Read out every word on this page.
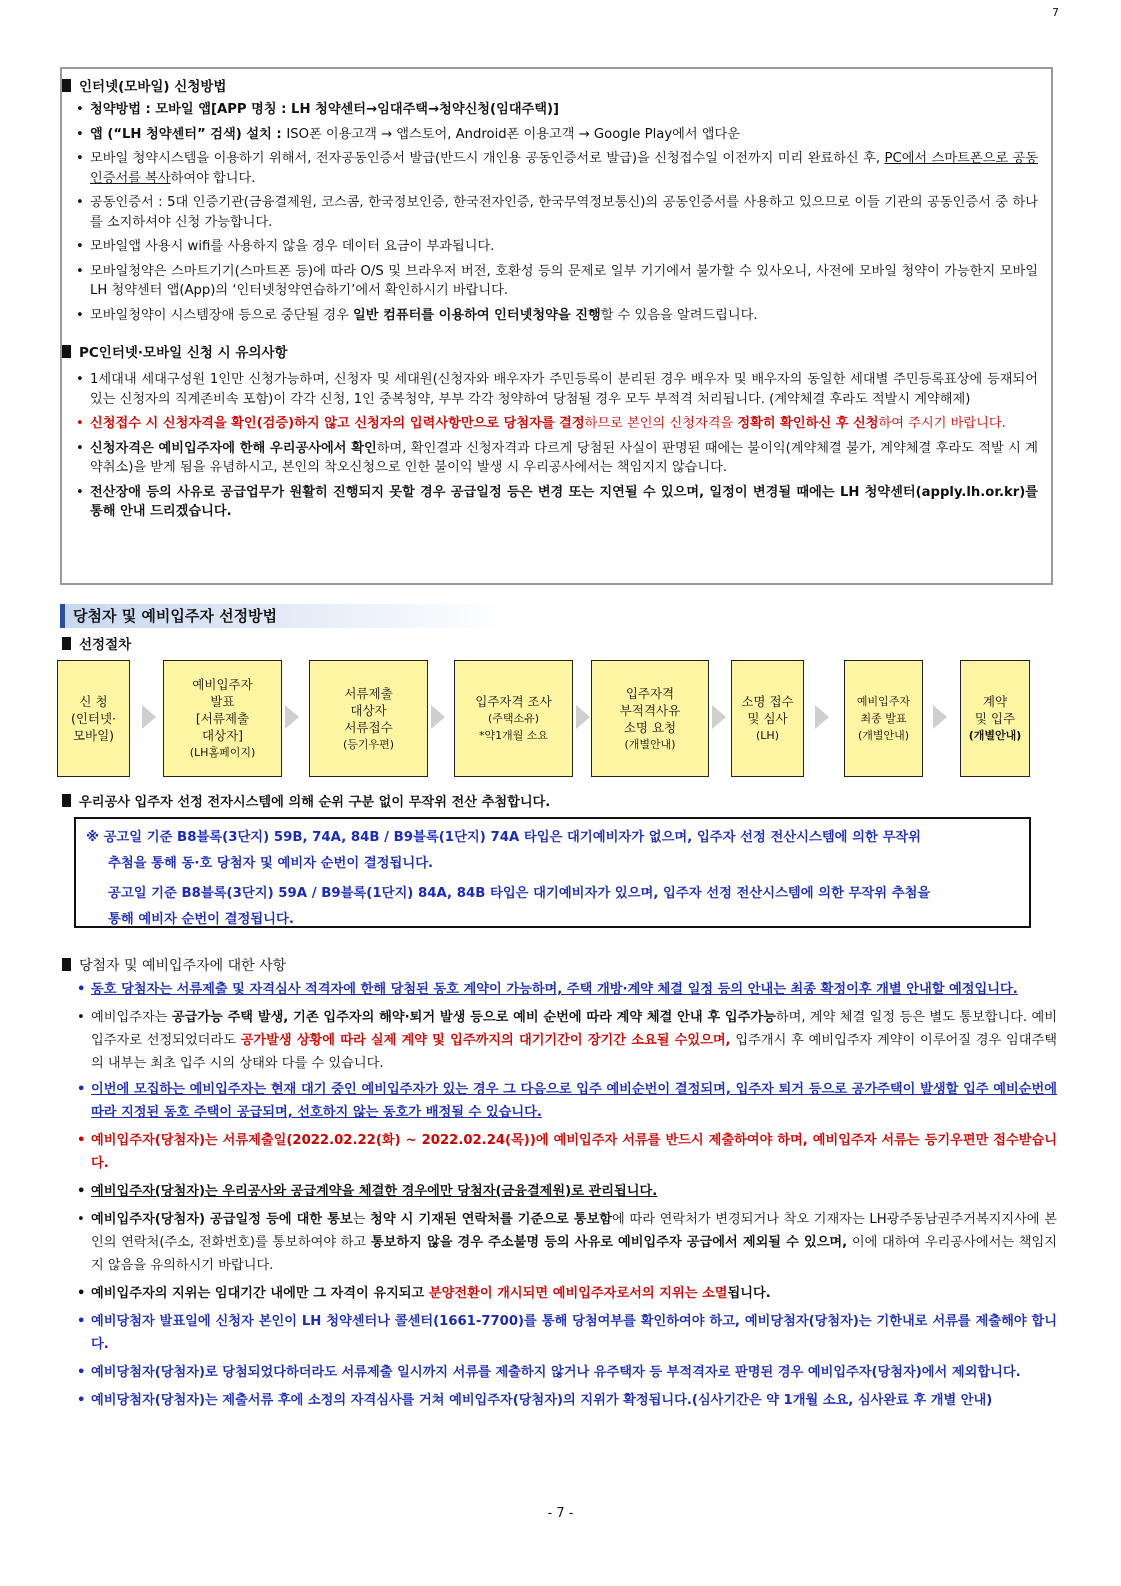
7
인터넷(모바일) 신청방법
• 청약방법 : 모바일 앱[APP 명칭 : LH 청약센터→임대주택→청약신청(임대주택)]
• 앱 (“LH 청약센터” 검색) 설치 : ISO폰 이용고객 → 앱스토어, Android폰 이용고객 → Google Play에서 앱다운
• 모바일 청약시스템을 이용하기 위해서, 전자공동인증서 발급(반드시 개인용 공동인증서로 발급)을 신청접수일 이전까지 미리 완료하신 후, PC에서 스마트폰으로 공동인증서를 복사하여야 합니다.
• 공동인증서 : 5대 인증기관(금융결제원, 코스콤, 한국정보인증, 한국전자인증, 한국무역정보통신)의 공동인증서를 사용하고 있으므로 이들 기관의 공동인증서 중 하나를 소지하셔야 신청 가능합니다.
• 모바일앱 사용시 wifi를 사용하지 않을 경우 데이터 요금이 부과됩니다.
• 모바일청약은 스마트기기(스마트폰 등)에 따라 O/S 및 브라우저 버전, 호환성 등의 문제로 일부 기기에서 불가할 수 있사오니, 사전에 모바일 청약이 가능한지 모바일 LH 청약센터 앱(App)의 ‘인터넷청약연습하기’에서 확인하시기 바랍니다.
• 모바일청약이 시스템장애 등으로 중단될 경우 일반 컴퓨터를 이용하여 인터넷청약을 진행할 수 있음을 알려드립니다.
PC인터넷·모바일 신청 시 유의사항
• 1세대내 세대구성원 1인만 신청가능하며, 신청자 및 세대원(신청자와 배우자가 주민등록이 분리된 경우 배우자 및 배우자의 동일한 세대별 주민등록표상에 등재되어 있는 신청자의 직계존비속 포함)이 각각 신청, 1인 중복청약, 부부 각각 청약하여 당첨될 경우 모두 부적격 처리됩니다. (계약체결 후라도 적발시 계약해제)
• 신청접수 시 신청자격을 확인(검증)하지 않고 신청자의 입력사항만으로 당첨자를 결정하므로 본인의 신청자격을 정확히 확인하신 후 신청하여 주시기 바랍니다.
• 신청자격은 예비입주자에 한해 우리공사에서 확인하며, 확인결과 신청자격과 다르게 당첨된 사실이 판명된 때에는 불이익(계약체결 불가, 계약체결 후라도 적발 시 계약취소)을 받게 됨을 유념하시고, 본인의 착오신청으로 인한 불이익 발생 시 우리공사에서는 책임지지 않습니다.
• 전산장애 등의 사유로 공급업무가 원활히 진행되지 못할 경우 공급일정 등은 변경 또는 지연될 수 있으며, 일정이 변경될 때에는 LH 청약센터(apply.lh.or.kr)를 통해 안내 드리겠습니다.
당첨자 및 예비입주자 선정방법
선정절차
신 청
(인터넷·
모바일)
예비입주자
발표
[서류제출
대상자]
(LH홈페이지)
서류제출
대상자
서류접수
(등기우편)
입주자격 조사
(주택소유)
*약1개월 소요
입주자격
부적격사유
소명 요청
(개별안내)
소명 접수
및 심사
(LH)
예비입주자
최종 발표
(개별안내)
계약
및 입주
(개별안내)
우리공사 입주자 선정 전자시스템에 의해 순위 구분 없이 무작위 전산 추첨합니다.
※ 공고일 기준 B8블록(3단지) 59B, 74A, 84B / B9블록(1단지) 74A 타입은 대기예비자가 없으며, 입주자 선정 전산시스템에 의한 무작위
추첨을 통해 동·호 당첨자 및 예비자 순번이 결정됩니다.
공고일 기준 B8블록(3단지) 59A / B9블록(1단지) 84A, 84B 타입은 대기예비자가 있으며, 입주자 선정 전산시스템에 의한 무작위 추첨을
통해 예비자 순번이 결정됩니다.
당첨자 및 예비입주자에 대한 사항
• 동호 당첨자는 서류제출 및 자격심사 적격자에 한해 당첨된 동호 계약이 가능하며, 주택 개방·계약 체결 일정 등의 안내는 최종 확정이후 개별 안내할 예정입니다.
• 예비입주자는 공급가능 주택 발생, 기존 입주자의 해약·퇴거 발생 등으로 예비 순번에 따라 계약 체결 안내 후 입주가능하며, 계약 체결 일정 등은 별도 통보합니다. 예비입주자로 선정되었더라도 공가발생 상황에 따라 실제 계약 및 입주까지의 대기기간이 장기간 소요될 수있으며, 입주개시 후 예비입주자 계약이 이루어질 경우 임대주택의 내부는 최초 입주 시의 상태와 다를 수 있습니다.
• 이번에 모집하는 예비입주자는 현재 대기 중인 예비입주자가 있는 경우 그 다음으로 입주 예비순번이 결정되며, 입주자 퇴거 등으로 공가주택이 발생할 입주 예비순번에 따라 지정된 동호 주택이 공급되며, 선호하지 않는 동호가 배정될 수 있습니다.
• 예비입주자(당첨자)는 서류제출일(2022.02.22(화) ~ 2022.02.24(목))에 예비입주자 서류를 반드시 제출하여야 하며, 예비입주자 서류는 등기우편만 접수받습니다.
• 예비입주자(당첨자)는 우리공사와 공급계약을 체결한 경우에만 당첨자(금융결제원)로 관리됩니다.
• 예비입주자(당첨자) 공급일정 등에 대한 통보는 청약 시 기재된 연락처를 기준으로 통보함에 따라 연락처가 변경되거나 착오 기재자는 LH광주동남권주거복지지사에 본인의 연락처(주소, 전화번호)를 통보하여야 하고 통보하지 않을 경우 주소불명 등의 사유로 예비입주자 공급에서 제외될 수 있으며, 이에 대하여 우리공사에서는 책임지지 않음을 유의하시기 바랍니다.
• 예비입주자의 지위는 임대기간 내에만 그 자격이 유지되고 분양전환이 개시되면 예비입주자로서의 지위는 소멸됩니다.
• 예비당첨자 발표일에 신청자 본인이 LH 청약센터나 콜센터(1661-7700)를 통해 당첨여부를 확인하여야 하고, 예비당첨자(당첨자)는 기한내로 서류를 제출해야 합니다.
• 예비당첨자(당첨자)로 당첨되었다하더라도 서류제출 일시까지 서류를 제출하지 않거나 유주택자 등 부적격자로 판명된 경우 예비입주자(당첨자)에서 제외합니다.
• 예비당첨자(당첨자)는 제출서류 후에 소정의 자격심사를 거쳐 예비입주자(당첨자)의 지위가 확정됩니다.(심사기간은 약 1개월 소요, 심사완료 후 개별 안내)
- 7 -
